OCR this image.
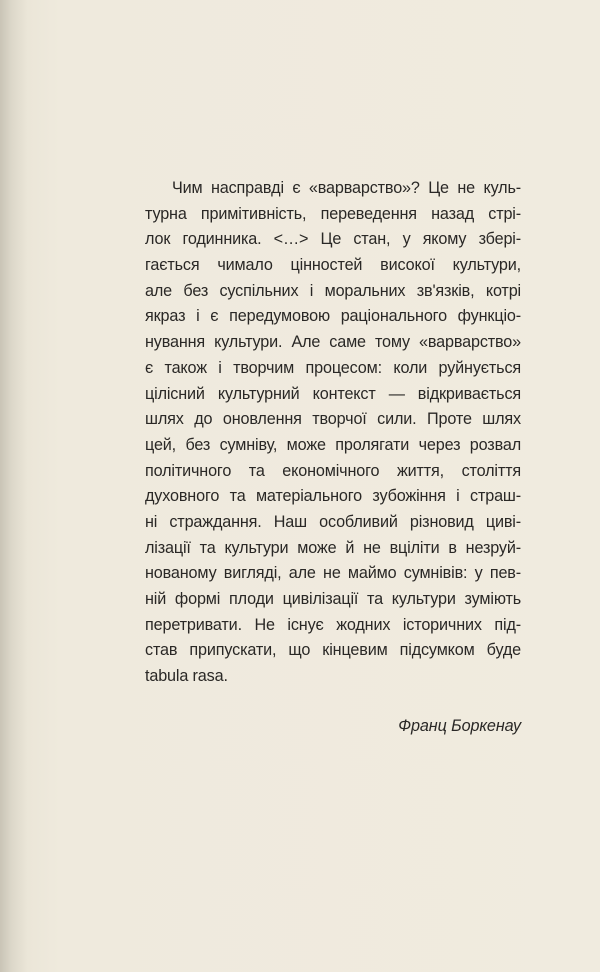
Чим насправді є «варварство»? Це не куль-
турна примітивність, переведення назад стрі-
лок годинника. <…> Це стан, у якому зберi-
гається чимало цінностей високої культури,
але без суспільних і моральних зв'язків, котрі
якраз і є передумовою раціонального функціо-
нування культури. Але саме тому «варварство»
є також і творчим процесом: коли руйнується
цілісний культурний контекст — відкривається
шлях до оновлення творчої сили. Проте шлях
цей, без сумніву, може пролягати через розвал
політичного та економічного життя, століття
духовного та матеріального зубожіння і страш-
ні страждання. Наш особливий різновид циві-
лізації та культури може й не вціліти в незруй-
нованому вигляді, але не маймо сумнівів: у пев-
ній формі плоди цивілізації та культури зуміють
перетривати. Не існує жодних історичних під-
став припускати, що кінцевим підсумком буде
tabula rasa.
Франц Боркенау
